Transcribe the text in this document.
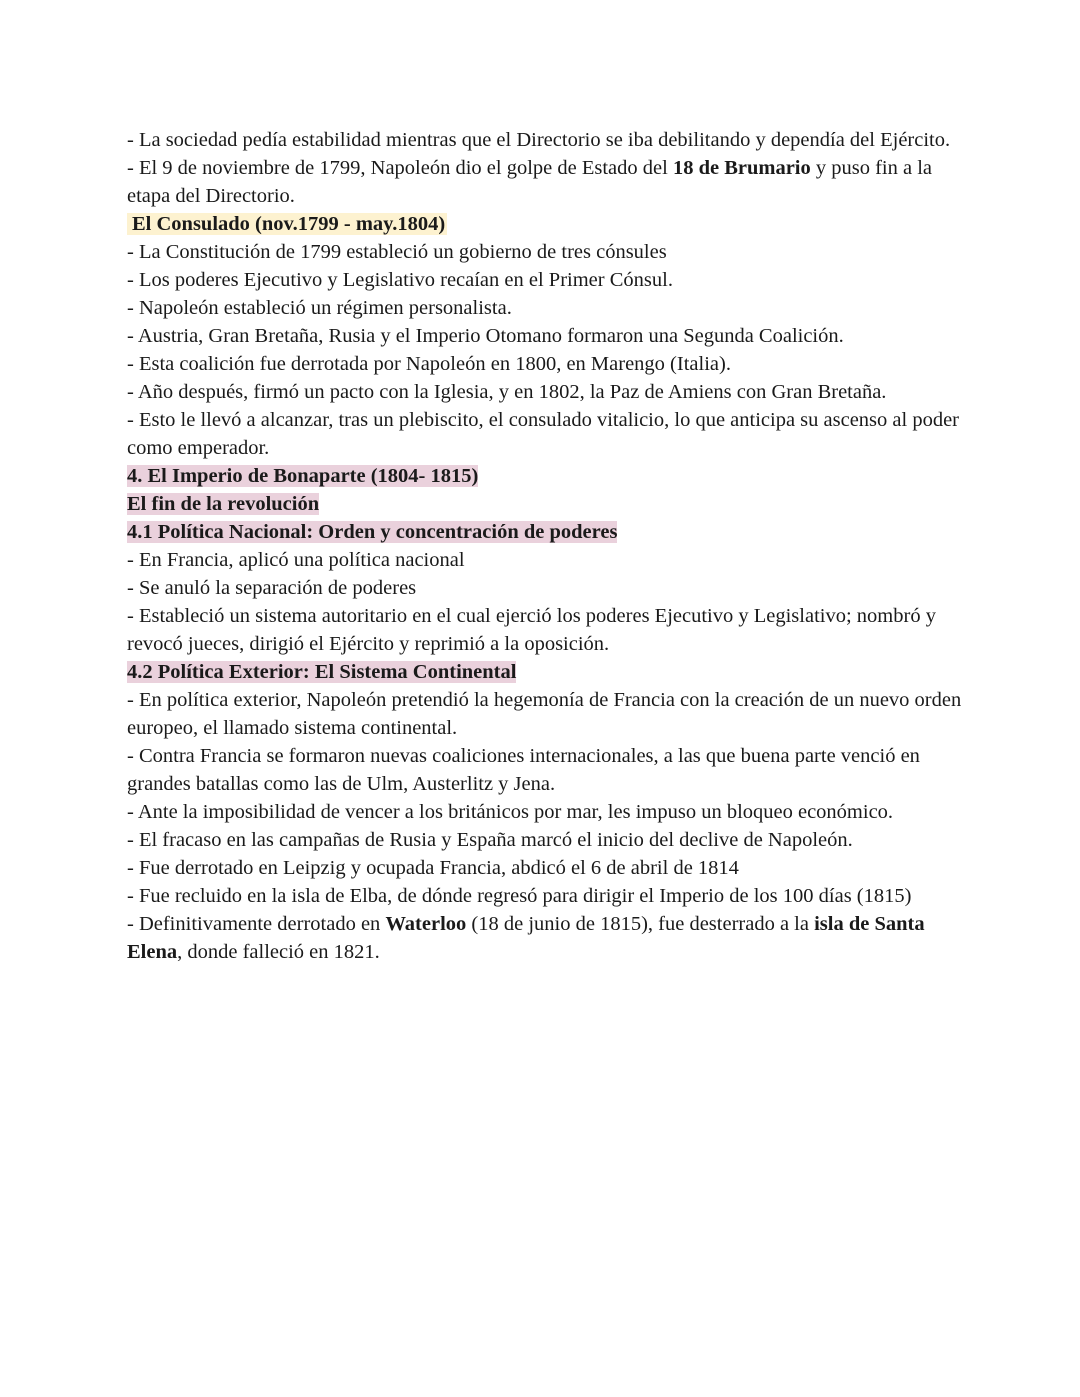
- La sociedad pedía estabilidad mientras que el Directorio se iba debilitando y dependía del Ejército.
- El 9 de noviembre de 1799, Napoleón dio el golpe de Estado del 18 de Brumario y puso fin a la etapa del Directorio.
El Consulado (nov.1799 - may.1804)
- La Constitución de 1799 estableció un gobierno de tres cónsules
- Los poderes Ejecutivo y Legislativo recaían en el Primer Cónsul.
- Napoleón estableció un régimen personalista.
- Austria, Gran Bretaña, Rusia y el Imperio Otomano formaron una Segunda Coalición.
- Esta coalición fue derrotada por Napoleón en 1800, en Marengo (Italia).
- Año después, firmó un pacto con la Iglesia, y en 1802, la Paz de Amiens con Gran Bretaña.
- Esto le llevó a alcanzar, tras un plebiscito, el consulado vitalicio, lo que anticipa su ascenso al poder como emperador.
4. El Imperio de Bonaparte (1804- 1815)
El fin de la revolución
4.1 Política Nacional: Orden y concentración de poderes
- En Francia, aplicó una política nacional
- Se anuló la separación de poderes
- Estableció un sistema autoritario en el cual ejerció los poderes Ejecutivo y Legislativo; nombró y revocó jueces, dirigió el Ejército y reprimió a la oposición.
4.2 Política Exterior: El Sistema Continental
- En política exterior, Napoleón pretendió la hegemonía de Francia con la creación de un nuevo orden europeo, el llamado sistema continental.
- Contra Francia se formaron nuevas coaliciones internacionales, a las que buena parte venció en grandes batallas como las de Ulm, Austerlitz y Jena.
- Ante la imposibilidad de vencer a los británicos por mar, les impuso un bloqueo económico.
- El fracaso en las campañas de Rusia y España marcó el inicio del declive de Napoleón.
- Fue derrotado en Leipzig y ocupada Francia, abdicó el 6 de abril de 1814
- Fue recluido en la isla de Elba, de dónde regresó para dirigir el Imperio de los 100 días (1815)
- Definitivamente derrotado en Waterloo (18 de junio de 1815), fue desterrado a la isla de Santa Elena, donde falleció en 1821.
